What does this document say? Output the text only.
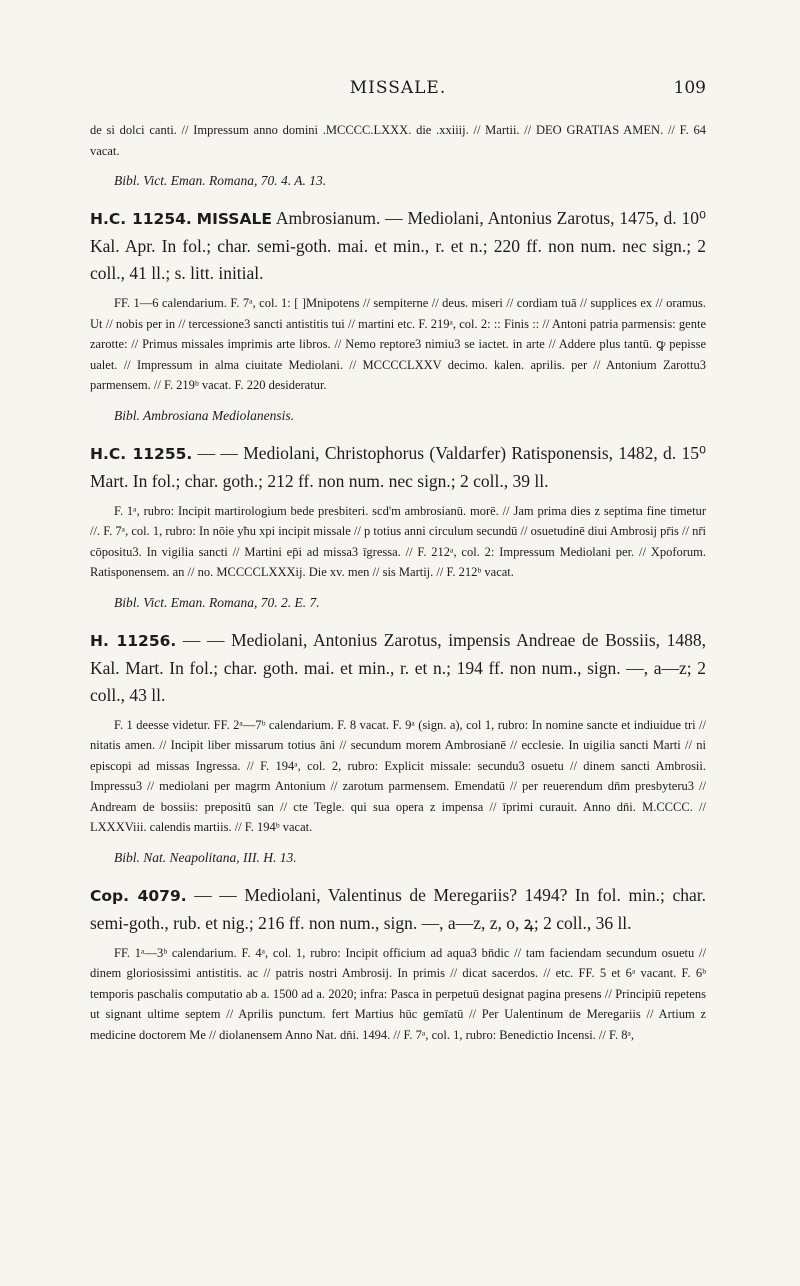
MISSALE.	109

de si dolci canti. // Impressum anno domini .MCCCC.LXXX. die .xxiiij. // Martii. // DEO GRATIAS AMEN. // F. 64 vacat.

Bibl. Vict. Eman. Romana, 70. 4. A. 13.

H.C. 11254. MISSALE Ambrosianum. — Mediolani, Antonius Zarotus, 1475, d. 10⁰ Kal. Apr. In fol.; char. semi-goth. mai. et min., r. et n.; 220 ff. non num. nec sign.; 2 coll., 41 ll.; s. litt. initial.

FF. 1—6 calendarium. F. 7ᵃ, col. 1: [ ]Mnipotens // sempiterne // deus. miseri // cordiam tuā // supplices ex // oramus. Ut // nobis per in // tercessione3 sancti antistitis tui // martini etc. F. 219ᵃ, col. 2: :: Finis :: // Antoni patria parmensis: gente zarotte: // Primus missales imprimis arte libros. // Nemo reptore3 nimiu3 se iactet. in arte // Addere plus tantū. ꝙ pepisse ualet. // Impressum in alma ciuitate Mediolani. // MCCCCLXXV decimo. kalen. aprilis. per // Antonium Zarottu3 parmensem. // F. 219ᵇ vacat. F. 220 desideratur.

Bibl. Ambrosiana Mediolanensis.

H.C. 11255. — — Mediolani, Christophorus (Valdarfer) Ratisponensis, 1482, d. 15⁰ Mart. In fol.; char. goth.; 212 ff. non num. nec sign.; 2 coll., 39 ll.

F. 1ᵃ, rubro: Incipit martirologium bede presbiteri. scd'm ambrosianū. morē. // Jam prima dies z septima fine timetur //. F. 7ᵃ, col. 1, rubro: In nōie yħu xpi incipit missale // p totius anni circulum secundū // osuetudinē diui Ambrosij pr̄is // nr̄i cōpositu3. In vigilia sancti // Martini ep̄i ad missa3 īgressa. // F. 212ᵃ, col. 2: Impressum Mediolani per. // Xpoforum. Ratisponensem. an // no. MCCCCLXXXij. Die xv. men // sis Martij. // F. 212ᵇ vacat.

Bibl. Vict. Eman. Romana, 70. 2. E. 7.

H. 11256. — — Mediolani, Antonius Zarotus, impensis Andreae de Bossiis, 1488, Kal. Mart. In fol.; char. goth. mai. et min., r. et n.; 194 ff. non num., sign. —, a—z; 2 coll., 43 ll.

F. 1 deesse videtur. FF. 2ᵃ—7ᵇ calendarium. F. 8 vacat. F. 9ᵃ (sign. a), col 1, rubro: In nomine sancte et indiuidue tri // nitatis amen. // Incipit liber missarum totius āni // secundum morem Ambrosianē // ecclesie. In uigilia sancti Marti // ni episcopi ad missas Ingressa. // F. 194ᵃ, col. 2, rubro: Explicit missale: secundu3 osuetu // dinem sancti Ambrosii. Impressu3 // mediolani per magrm Antonium // zarotum parmensem. Emendatū // per reuerendum dn̄m presbyteru3 // Andream de bossiis: prepositū san // cte Tegle. qui sua opera z impensa // īprimi curauit. Anno dn̄i. M.CCCC. // LXXXViii. calendis martiis. // F. 194ᵇ vacat.

Bibl. Nat. Neapolitana, III. H. 13.

Cop. 4079. — — Mediolani, Valentinus de Meregariis? 1494? In fol. min.; char. semi-goth., rub. et nig.; 216 ff. non num., sign. —, a—z, z, o, ꝝ; 2 coll., 36 ll.

FF. 1ᵃ—3ᵇ calendarium. F. 4ᵃ, col. 1, rubro: Incipit officium ad aqua3 bn̄dic // tam faciendam secundum osuetu // dinem gloriosissimi antistitis. ac // patris nostri Ambrosij. In primis // dicat sacerdos. // etc. FF. 5 et 6ᵃ vacant. F. 6ᵇ temporis paschalis computatio ab a. 1500 ad a. 2020; infra: Pasca in perpetuū designat pagina presens // Principiū repetens ut signant ultime septem // Aprilis punctum. fert Martius hūc gemīatū // Per Ualentinum de Meregariis // Artium z medicine doctorem Me // diolanensem Anno Nat. dn̄i. 1494. // F. 7ᵃ, col. 1, rubro: Benedictio Incensi. // F. 8ᵃ,
